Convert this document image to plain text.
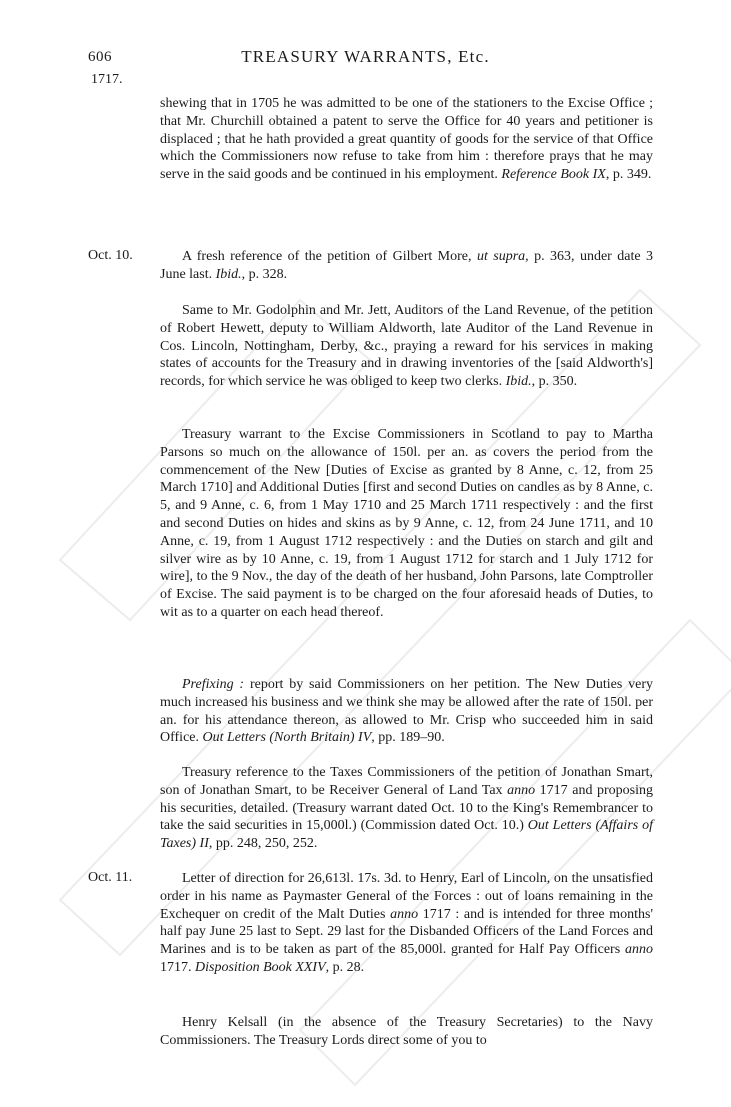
606	TREASURY WARRANTS, Etc.
1717.

shewing that in 1705 he was admitted to be one of the stationers to the Excise Office ; that Mr. Churchill obtained a patent to serve the Office for 40 years and petitioner is displaced ; that he hath provided a great quantity of goods for the service of that Office which the Commissioners now refuse to take from him : therefore prays that he may serve in the said goods and be continued in his employment. Reference Book IX, p. 349.

Oct. 10.	A fresh reference of the petition of Gilbert More, ut supra, p. 363, under date 3 June last. Ibid., p. 328.

Same to Mr. Godolphin and Mr. Jett, Auditors of the Land Revenue, of the petition of Robert Hewett, deputy to William Aldworth, late Auditor of the Land Revenue in Cos. Lincoln, Nottingham, Derby, &c., praying a reward for his services in making states of accounts for the Treasury and in drawing inventories of the [said Aldworth's] records, for which service he was obliged to keep two clerks. Ibid., p. 350.

Treasury warrant to the Excise Commissioners in Scotland to pay to Martha Parsons so much on the allowance of 150l. per an. as covers the period from the commencement of the New [Duties of Excise as granted by 8 Anne, c. 12, from 25 March 1710] and Additional Duties [first and second Duties on candles as by 8 Anne, c. 5, and 9 Anne, c. 6, from 1 May 1710 and 25 March 1711 respectively : and the first and second Duties on hides and skins as by 9 Anne, c. 12, from 24 June 1711, and 10 Anne, c. 19, from 1 August 1712 respectively : and the Duties on starch and gilt and silver wire as by 10 Anne, c. 19, from 1 August 1712 for starch and 1 July 1712 for wire], to the 9 Nov., the day of the death of her husband, John Parsons, late Comptroller of Excise. The said payment is to be charged on the four aforesaid heads of Duties, to wit as to a quarter on each head thereof.

Prefixing : report by said Commissioners on her petition. The New Duties very much increased his business and we think she may be allowed after the rate of 150l. per an. for his attendance thereon, as allowed to Mr. Crisp who succeeded him in said Office. Out Letters (North Britain) IV, pp. 189–90.

Treasury reference to the Taxes Commissioners of the petition of Jonathan Smart, son of Jonathan Smart, to be Receiver General of Land Tax anno 1717 and proposing his securities, detailed. (Treasury warrant dated Oct. 10 to the King's Remembrancer to take the said securities in 15,000l.) (Commission dated Oct. 10.) Out Letters (Affairs of Taxes) II, pp. 248, 250, 252.

Oct. 11.	Letter of direction for 26,613l. 17s. 3d. to Henry, Earl of Lincoln, on the unsatisfied order in his name as Paymaster General of the Forces : out of loans remaining in the Exchequer on credit of the Malt Duties anno 1717 : and is intended for three months' half pay June 25 last to Sept. 29 last for the Disbanded Officers of the Land Forces and Marines and is to be taken as part of the 85,000l. granted for Half Pay Officers anno 1717. Disposition Book XXIV, p. 28.

Henry Kelsall (in the absence of the Treasury Secretaries) to the Navy Commissioners. The Treasury Lords direct some of you to
